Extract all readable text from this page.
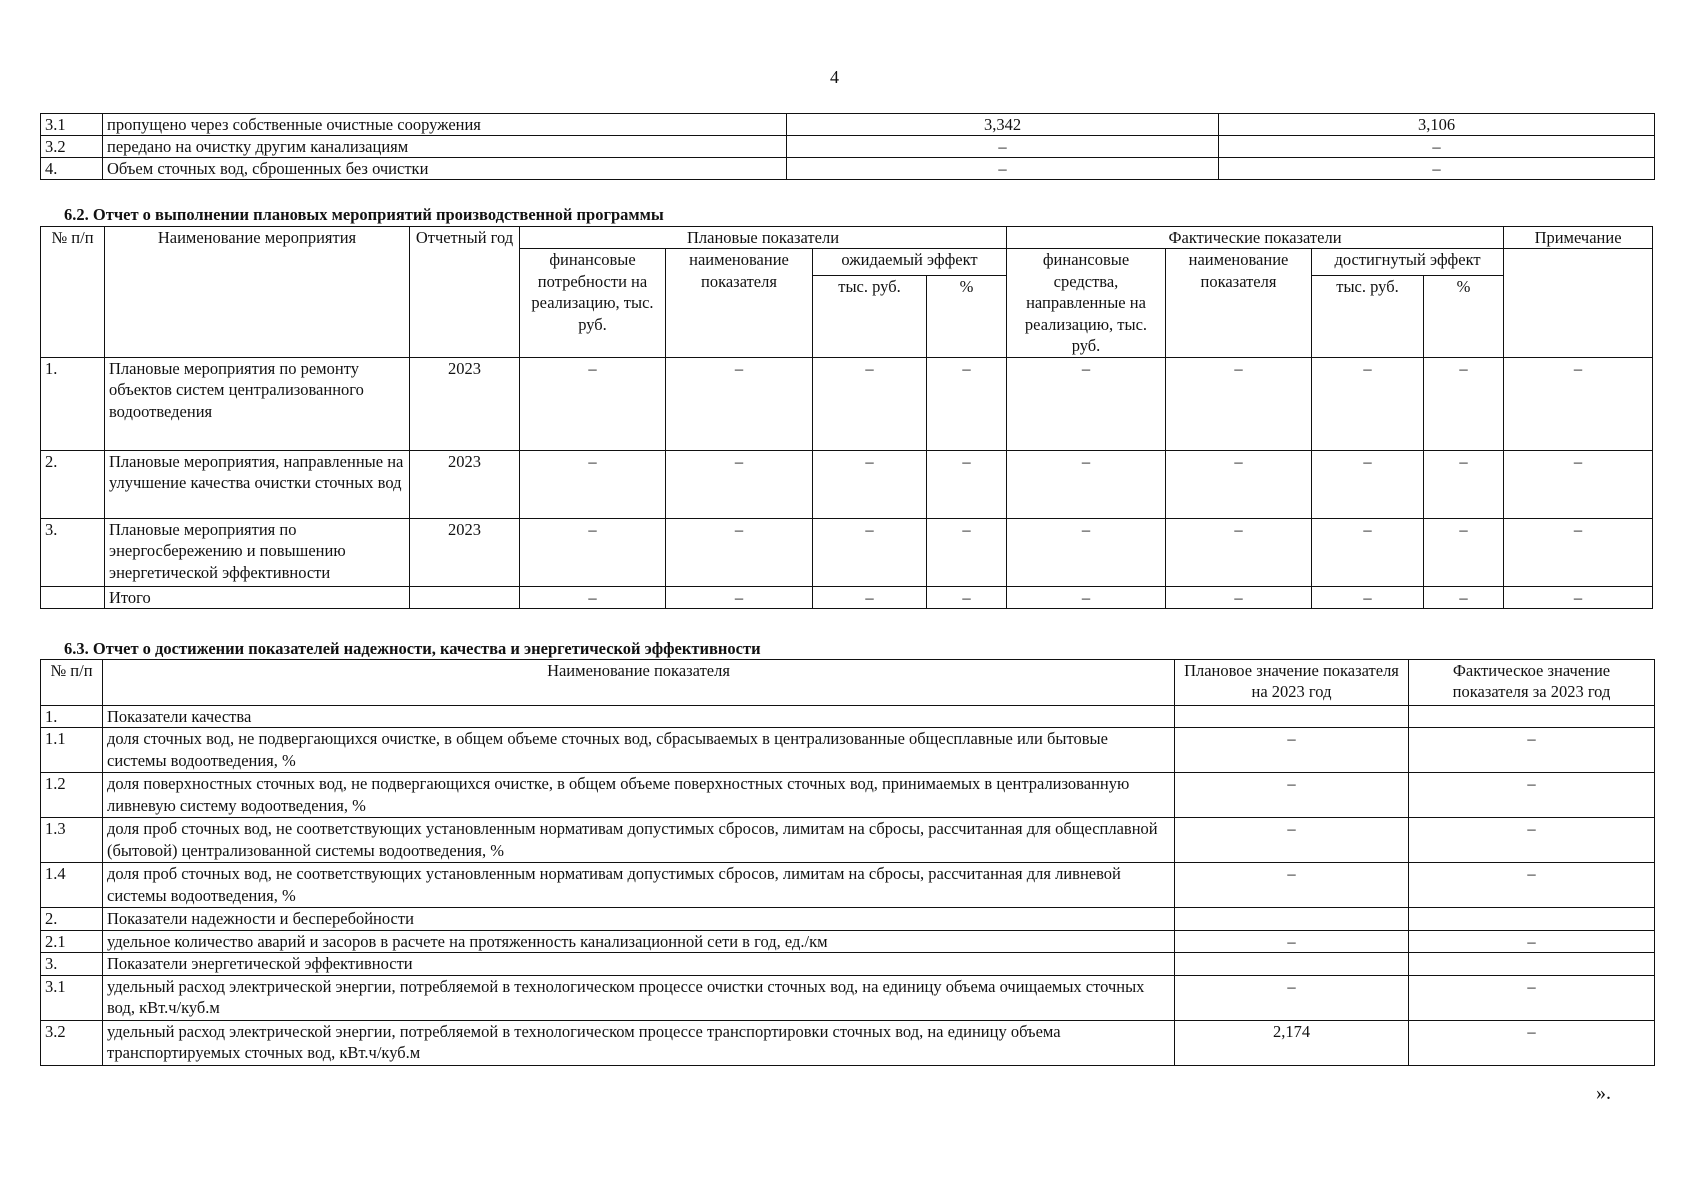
4
3.1	пропущено через собственные очистные сооружения	3,342	3,106
3.2	передано на очистку другим канализациям	–	–
4.	Объем сточных вод, сброшенных без очистки	–	–
6.2. Отчет о выполнении плановых мероприятий производственной программы
№ п/п	Наименование мероприятия	Отчетный год	Плановые показатели				Фактические показатели				Примечание
			финансовые потребности на реализацию, тыс. руб.	наименование показателя	ожидаемый эффект		финансовые средства, направленные на реализацию, тыс. руб.	наименование показателя	достигнутый эффект		
					тыс. руб.	%			тыс. руб.	%	
1.	Плановые мероприятия по ремонту объектов систем централизованного водоотведения	2023	–	–	–	–	–	–	–	–	–
2.	Плановые мероприятия, направленные на улучшение качества очистки сточных вод	2023	–	–	–	–	–	–	–	–	–
3.	Плановые мероприятия по энергосбережению и повышению энергетической эффективности	2023	–	–	–	–	–	–	–	–	–
	Итого		–	–	–	–	–	–	–	–	–
6.3. Отчет о достижении показателей надежности, качества и энергетической эффективности
№ п/п	Наименование показателя	Плановое значение показателя на 2023 год	Фактическое значение показателя за 2023 год
1.	Показатели качества		
1.1	доля сточных вод, не подвергающихся очистке, в общем объеме сточных вод, сбрасываемых в централизованные общесплавные или бытовые системы водоотведения, %	–	–
1.2	доля поверхностных сточных вод, не подвергающихся очистке, в общем объеме поверхностных сточных вод, принимаемых в централизованную ливневую систему водоотведения, %	–	–
1.3	доля проб сточных вод, не соответствующих установленным нормативам допустимых сбросов, лимитам на сбросы, рассчитанная для общесплавной (бытовой) централизованной системы водоотведения, %	–	–
1.4	доля проб сточных вод, не соответствующих установленным нормативам допустимых сбросов, лимитам на сбросы, рассчитанная для ливневой системы водоотведения, %	–	–
2.	Показатели надежности и бесперебойности		
2.1	удельное количество аварий и засоров в расчете на протяженность канализационной сети в год, ед./км	–	–
3.	Показатели энергетической эффективности		
3.1	удельный расход электрической энергии, потребляемой в технологическом процессе очистки сточных вод, на единицу объема очищаемых сточных вод, кВт.ч/куб.м	–	–
3.2	удельный расход электрической энергии, потребляемой в технологическом процессе транспортировки сточных вод, на единицу объема транспортируемых сточных вод, кВт.ч/куб.м	2,174	–
».
